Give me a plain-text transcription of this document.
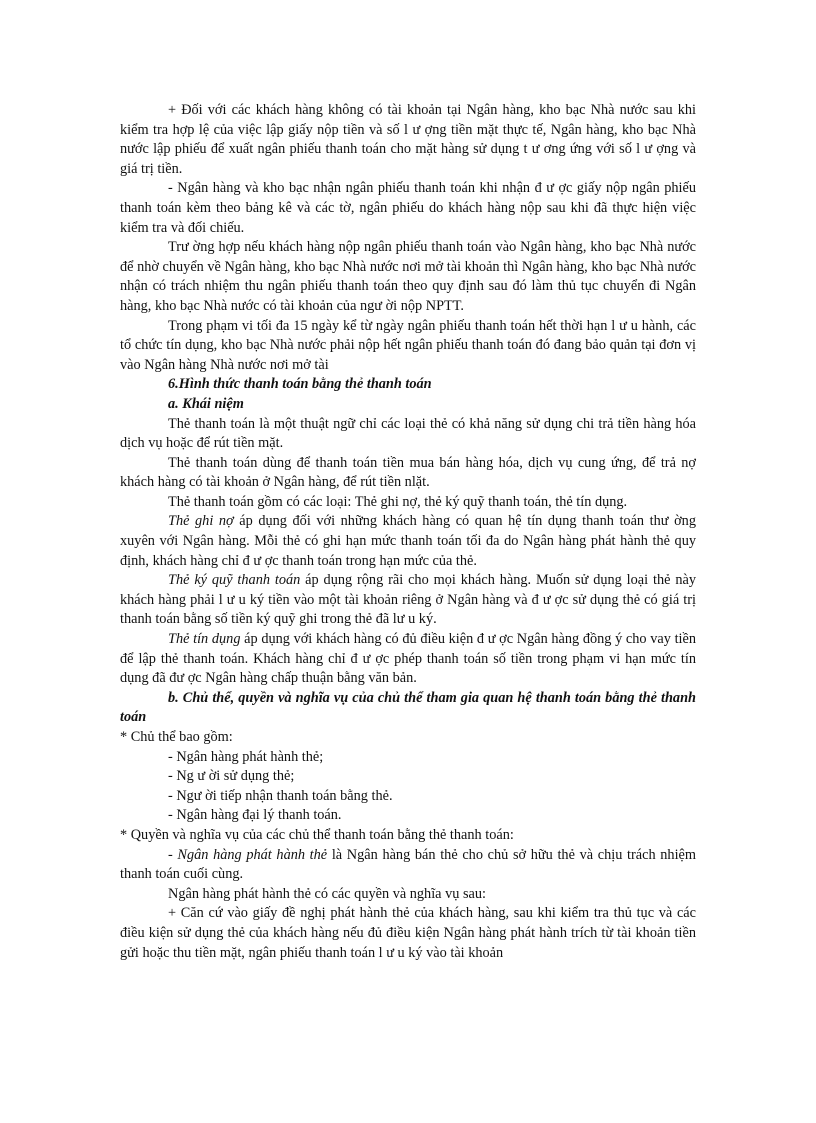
+ Đối với các khách hàng không có tài khoản tại Ngân hàng, kho bạc Nhà nước sau khi kiểm tra hợp lệ của việc lập giấy nộp tiền và số l ư ợng tiền mặt thực tế, Ngân hàng, kho bạc Nhà nước lập phiếu để xuất ngân phiếu thanh toán cho mặt hàng sử dụng t ư ơng ứng với số l ư ợng và giá trị tiền.

- Ngân hàng và kho bạc nhận ngân phiếu thanh toán khi nhận đ ư ợc giấy nộp ngân phiếu thanh toán kèm theo bảng kê và các tờ, ngân phiếu do khách hàng nộp sau khi đã thực hiện việc kiểm tra và đối chiếu.

Trư ờng hợp nếu khách hàng nộp ngân phiếu thanh toán vào Ngân hàng, kho bạc Nhà nước để nhờ chuyển về Ngân hàng, kho bạc Nhà nước nơi mở tài khoản thì Ngân hàng, kho bạc Nhà nước nhận có trách nhiệm thu ngân phiếu thanh toán theo quy định sau đó làm thủ tục chuyển đi Ngân hàng, kho bạc Nhà nước có tài khoản của ngư ời nộp NPTT.

Trong phạm vi tối đa 15 ngày kể từ ngày ngân phiếu thanh toán hết thời hạn l ư u hành, các tổ chức tín dụng, kho bạc Nhà nước phải nộp hết ngân phiếu thanh toán đó đang bảo quản tại đơn vị vào Ngân hàng Nhà nước nơi mở tài

6.Hình thức thanh toán bằng thẻ thanh toán

a. Khái niệm

Thẻ thanh toán là một thuật ngữ chỉ các loại thẻ có khả năng sử dụng chi trả tiền hàng hóa dịch vụ hoặc để rút tiền mặt.

Thẻ thanh toán dùng để thanh toán tiền mua bán hàng hóa, dịch vụ cung ứng, để trả nợ khách hàng có tài khoản ở Ngân hàng, để rút tiền nlặt.

Thẻ thanh toán gồm có các loại: Thẻ ghi nợ, thẻ ký quỹ thanh toán, thẻ tín dụng.

Thẻ ghi nợ áp dụng đối với những khách hàng có quan hệ tín dụng thanh toán thư ờng xuyên với Ngân hàng. Mỗi thẻ có ghi hạn mức thanh toán tối đa do Ngân hàng phát hành thẻ quy định, khách hàng chỉ đ ư ợc thanh toán trong hạn mức của thẻ.

Thẻ ký quỹ thanh toán áp dụng rộng rãi cho mọi khách hàng. Muốn sử dụng loại thẻ này khách hàng phải l ư u ký tiền vào một tài khoản riêng ở Ngân hàng và đ ư ợc sử dụng thẻ có giá trị thanh toán bằng số tiền ký quỹ ghi trong thẻ đã lư u ký.

Thẻ tín dụng áp dụng với khách hàng có đủ điều kiện đ ư ợc Ngân hàng đồng ý cho vay tiền để lập thẻ thanh toán. Khách hàng chỉ đ ư ợc phép thanh toán số tiền trong phạm vi hạn mức tín dụng đã đư ợc Ngân hàng chấp thuận bằng văn bản.

b. Chủ thể, quyền và nghĩa vụ của chủ thể tham gia quan hệ thanh toán bằng thẻ thanh toán

* Chủ thể bao gồm:

- Ngân hàng phát hành thẻ;

- Ng ư ời sử dụng thẻ;

- Ngư ời tiếp nhận thanh toán bằng thẻ.

- Ngân hàng đại lý thanh toán.

* Quyền và nghĩa vụ của các chủ thể thanh toán bằng thẻ thanh toán:

- Ngân hàng phát hành thẻ là Ngân hàng bán thẻ cho chủ sở hữu thẻ và chịu trách nhiệm thanh toán cuối cùng.

Ngân hàng phát hành thẻ có các quyền và nghĩa vụ sau:

+ Căn cứ vào giấy đề nghị phát hành thẻ của khách hàng, sau khi kiểm tra thủ tục và các điều kiện sử dụng thẻ của khách hàng nếu đủ điều kiện Ngân hàng phát hành trích từ tài khoản tiền gửi hoặc thu tiền mặt, ngân phiếu thanh toán l ư u ký vào tài khoản
